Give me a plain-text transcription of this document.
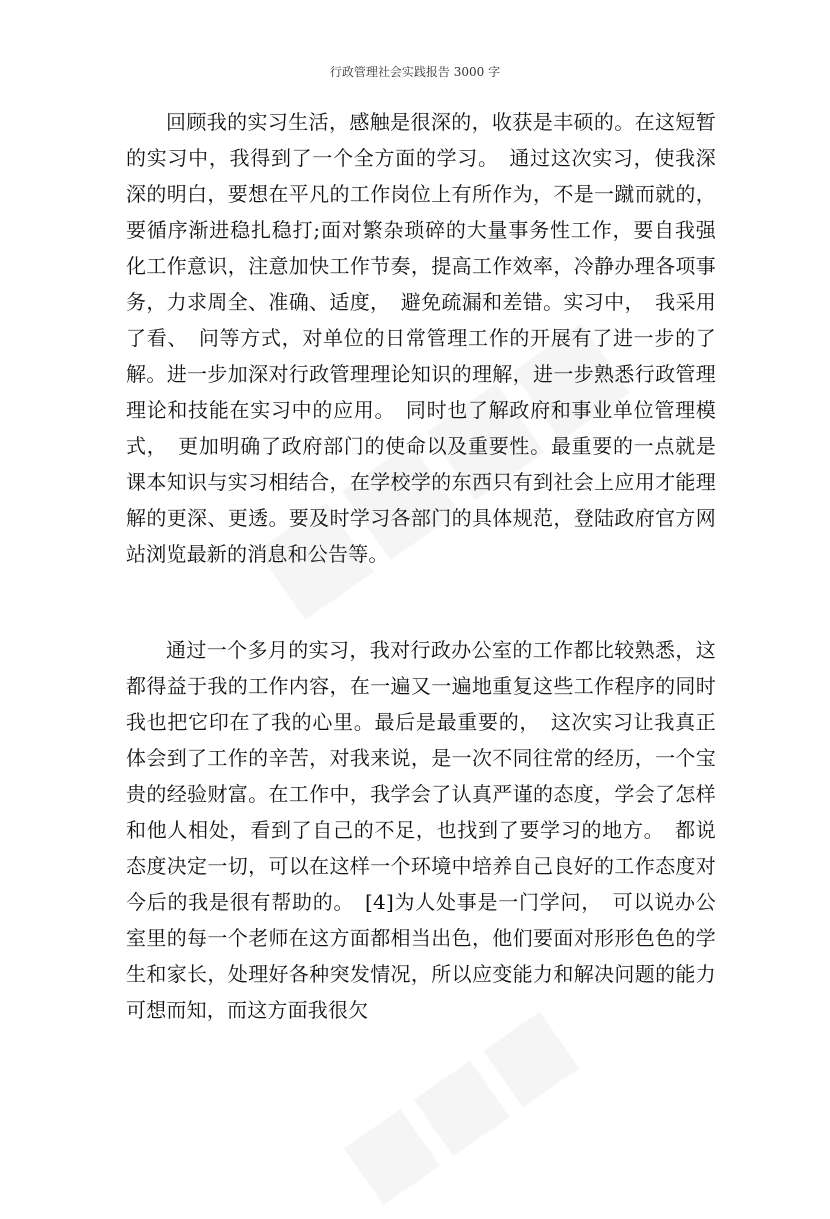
行政管理社会实践报告 3000 字

回顾我的实习生活，感触是很深的，收获是丰硕的。在这短暂的实习中，我得到了一个全方面的学习。　通过这次实习，使我深深的明白，要想在平凡的工作岗位上有所作为，不是一蹴而就的，要循序渐进稳扎稳打;面对繁杂琐碎的大量事务性工作，要自我强化工作意识，注意加快工作节奏，提高工作效率，冷静办理各项事务，力求周全、准确、适度，　避免疏漏和差错。实习中，　我采用了看、　问等方式，对单位的日常管理工作的开展有了进一步的了解。进一步加深对行政管理理论知识的理解，进一步熟悉行政管理理论和技能在实习中的应用。　同时也了解政府和事业单位管理模式，　更加明确了政府部门的使命以及重要性。最重要的一点就是课本知识与实习相结合，在学校学的东西只有到社会上应用才能理解的更深、更透。要及时学习各部门的具体规范，登陆政府官方网站浏览最新的消息和公告等。

通过一个多月的实习，我对行政办公室的工作都比较熟悉，这都得益于我的工作内容，在一遍又一遍地重复这些工作程序的同时我也把它印在了我的心里。最后是最重要的，　这次实习让我真正体会到了工作的辛苦，对我来说，是一次不同往常的经历，一个宝贵的经验财富。在工作中，我学会了认真严谨的态度，学会了怎样和他人相处，看到了自己的不足，也找到了要学习的地方。　都说态度决定一切，可以在这样一个环境中培养自己良好的工作态度对今后的我是很有帮助的。　[4]为人处事是一门学问，　可以说办公室里的每一个老师在这方面都相当出色，他们要面对形形色色的学生和家长，处理好各种突发情况，所以应变能力和解决问题的能力可想而知，而这方面我很欠
